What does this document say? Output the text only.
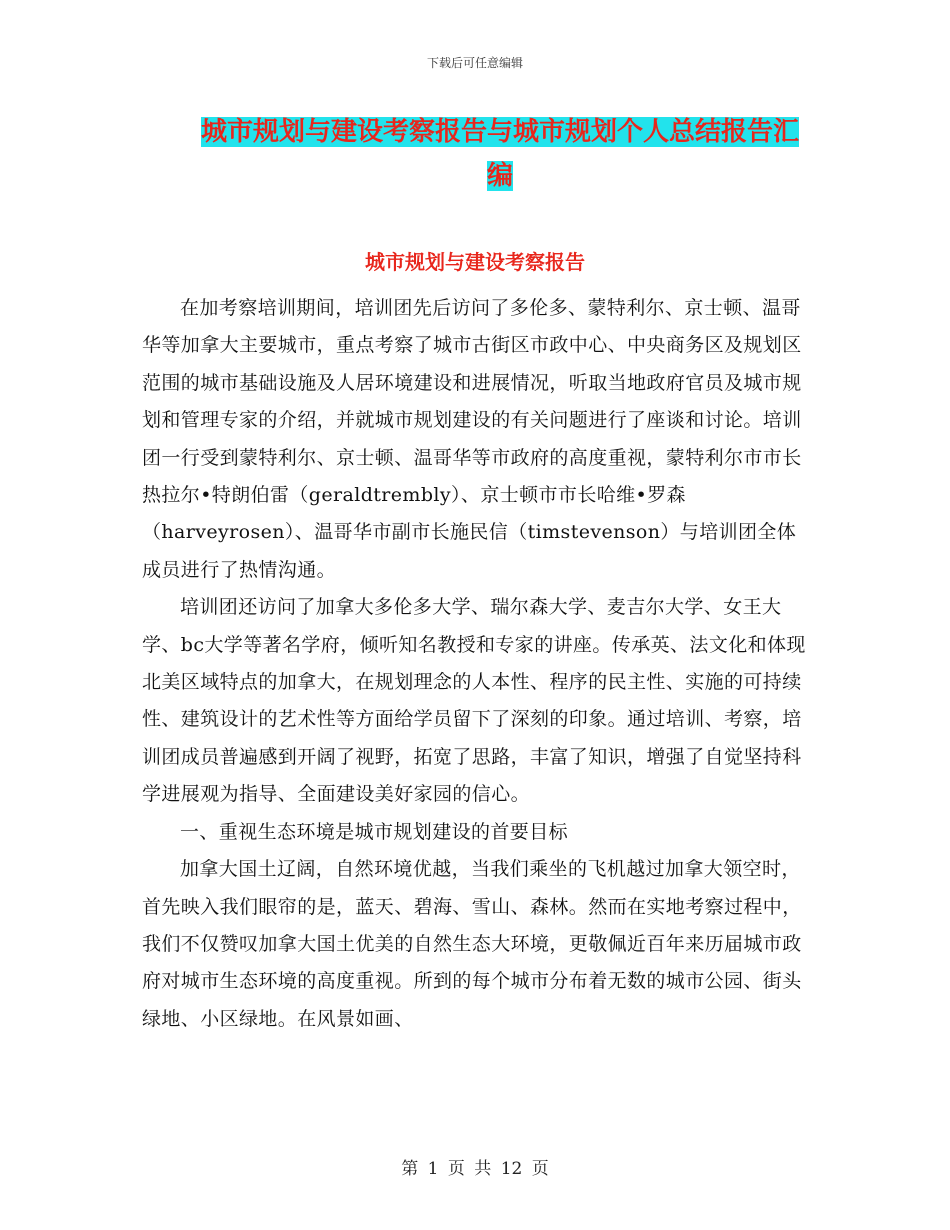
下载后可任意编辑
城市规划与建设考察报告与城市规划个人总结报告汇编
城市规划与建设考察报告

在加考察培训期间，培训团先后访问了多伦多、蒙特利尔、京士顿、温哥华等加拿大主要城市，重点考察了城市古街区市政中心、中央商务区及规划区范围的城市基础设施及人居环境建设和进展情况，听取当地政府官员及城市规划和管理专家的介绍，并就城市规划建设的有关问题进行了座谈和讨论。培训团一行受到蒙特利尔、京士顿、温哥华等市政府的高度重视，蒙特利尔市市长热拉尔•特朗伯雷（geraldtrembly）、京士顿市市长哈维•罗森（harveyrosen）、温哥华市副市长施民信（timstevenson）与培训团全体成员进行了热情沟通。

培训团还访问了加拿大多伦多大学、瑞尔森大学、麦吉尔大学、女王大学、bc大学等著名学府，倾听知名教授和专家的讲座。传承英、法文化和体现北美区域特点的加拿大，在规划理念的人本性、程序的民主性、实施的可持续性、建筑设计的艺术性等方面给学员留下了深刻的印象。通过培训、考察，培训团成员普遍感到开阔了视野，拓宽了思路，丰富了知识，增强了自觉坚持科学进展观为指导、全面建设美好家园的信心。

一、重视生态环境是城市规划建设的首要目标

加拿大国土辽阔，自然环境优越，当我们乘坐的飞机越过加拿大领空时，首先映入我们眼帘的是，蓝天、碧海、雪山、森林。然而在实地考察过程中，我们不仅赞叹加拿大国土优美的自然生态大环境，更敬佩近百年来历届城市政府对城市生态环境的高度重视。所到的每个城市分布着无数的城市公园、街头绿地、小区绿地。在风景如画、

第 1 页 共 12 页
